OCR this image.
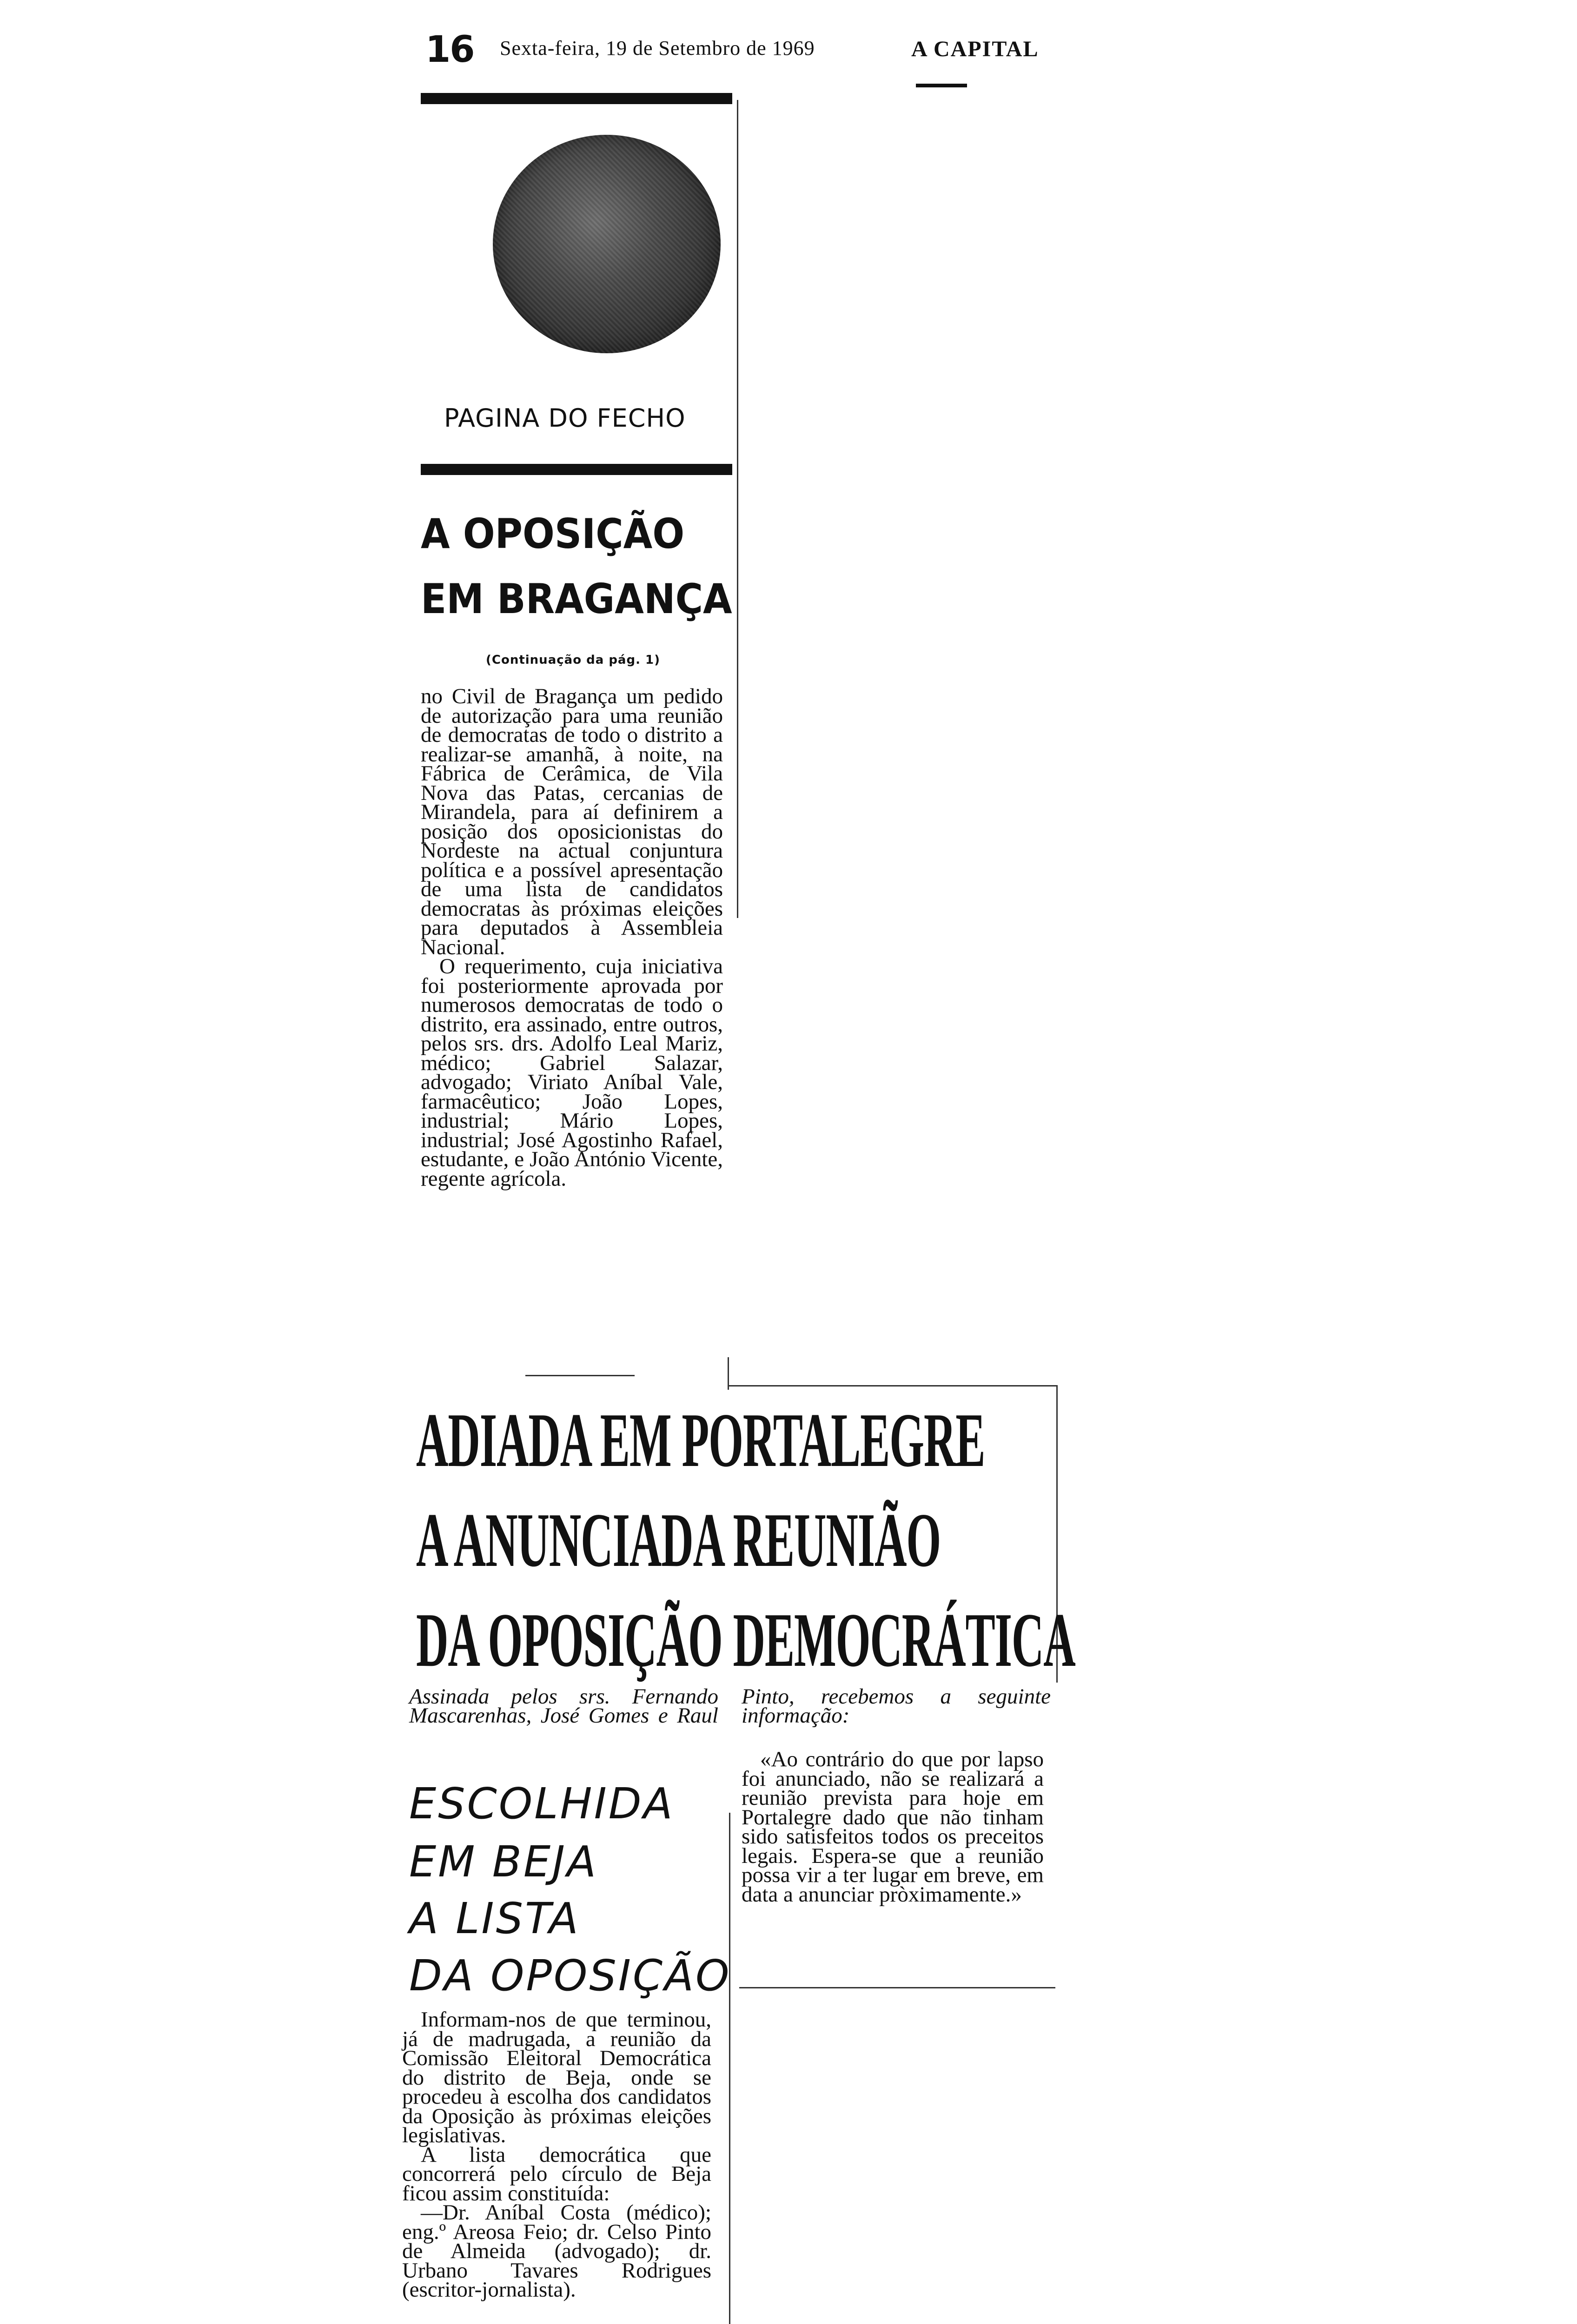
16 Sexta-feira, 19 de Setembro de 1969	A CAPITAL
PAGINA DO FECHO
A OPOSIÇÃO
EM BRAGANÇA
(Continuação da pág. 1)

no Civil de Bragança um pedido de autorização para uma reunião de democratas de todo o distrito a realizar-se amanhã, à noite, na Fábrica de Cerâmica, de Vila Nova das Patas, cercanias de Mirandela, para aí definirem a posição dos oposicionistas do Nordeste na actual conjuntura política e a possível apresentação de uma lista de candidatos democratas às próximas eleições para deputados à Assembleia Nacional.

O requerimento, cuja iniciativa foi posteriormente aprovada por numerosos democratas de todo o distrito, era assinado, entre outros, pelos srs. drs. Adolfo Leal Mariz, médico; Gabriel Salazar, advogado; Viriato Aníbal Vale, farmacêutico; João Lopes, industrial; Mário Lopes, industrial; José Agostinho Rafael, estudante, e João António Vicente, regente agrícola.

ADIADA EM PORTALEGRE
A ANUNCIADA REUNIÃO
DA OPOSIÇÃO DEMOCRÁTICA
Assinada pelos srs. Fernando Mascarenhas, José Gomes e Raul Pinto, recebemos a seguinte informação:

«Ao contrário do que por lapso foi anunciado, não se realizará a reunião prevista para hoje em Portalegre dado que não tinham sido satisfeitos todos os preceitos legais. Espera-se que a reunião possa vir a ter lugar em breve, em data a anunciar pròximamente.»

ESCOLHIDA
EM BEJA
A LISTA
DA OPOSIÇÃO

Informam-nos de que terminou, já de madrugada, a reunião da Comissão Eleitoral Democrática do distrito de Beja, onde se procedeu à escolha dos candidatos da Oposição às próximas eleições legislativas.

A lista democrática que concorrerá pelo círculo de Beja ficou assim constituída:

—Dr. Aníbal Costa (médico); eng.º Areosa Feio; dr. Celso Pinto de Almeida (advogado); dr. Urbano Tavares Rodrigues (escritor-jornalista).
